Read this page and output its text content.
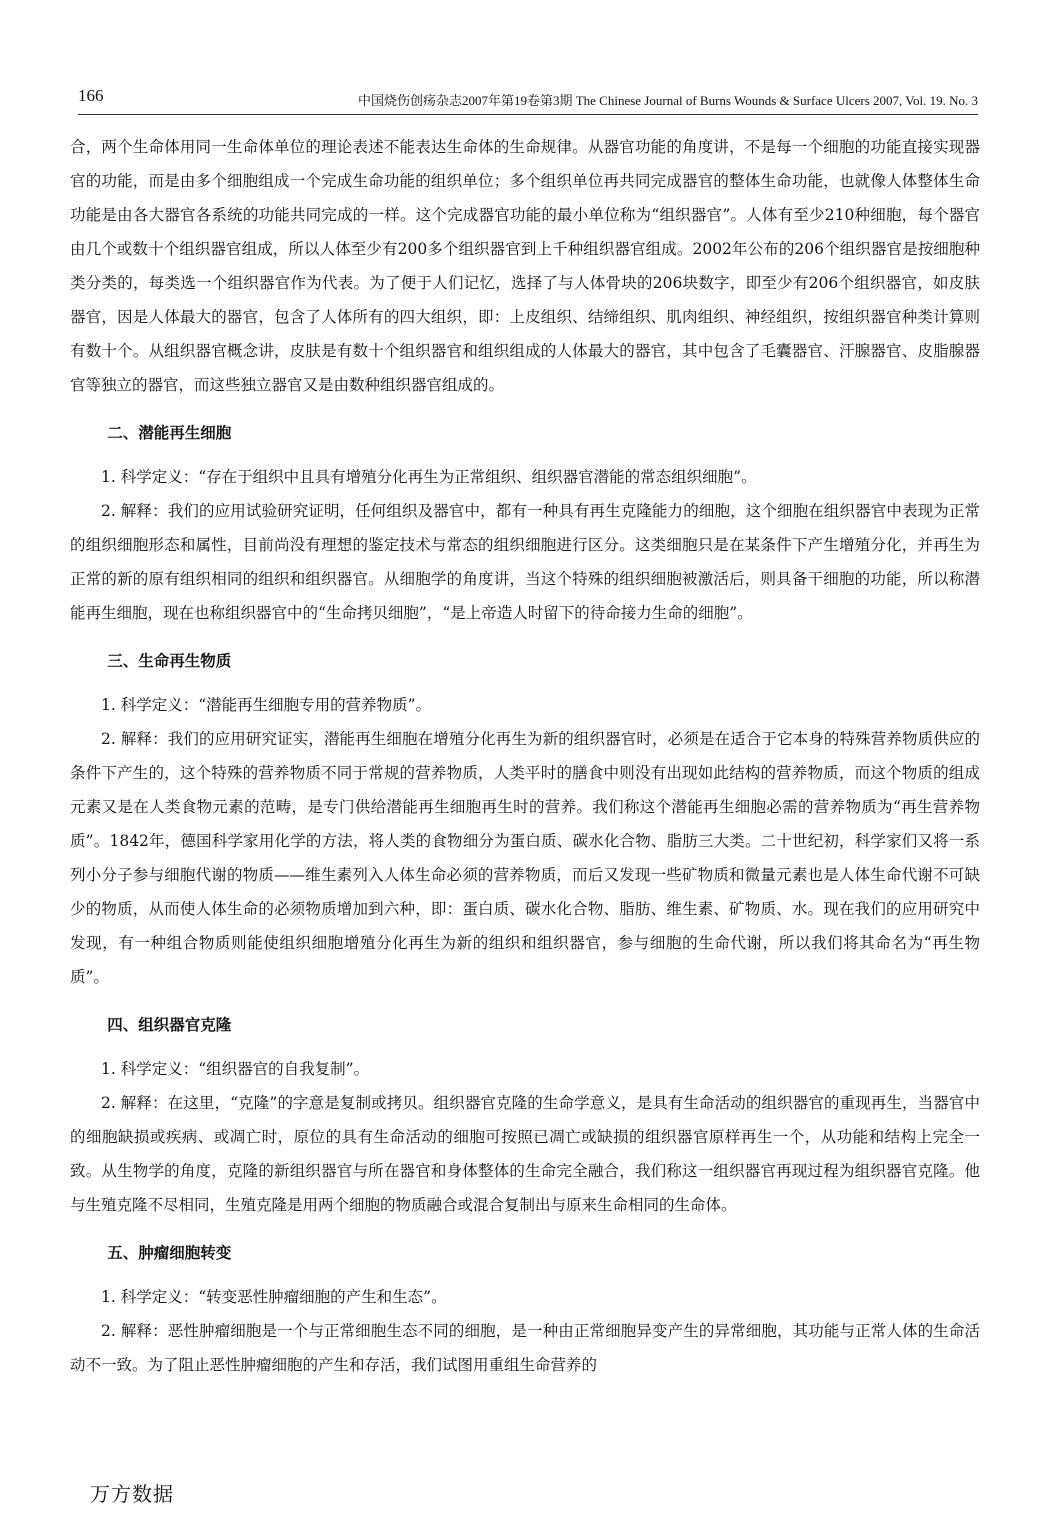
166	中国烧伤创疡杂志2007年第19卷第3期 The Chinese Journal of Burns Wounds & Surface Ulcers 2007, Vol. 19. No. 3

合，两个生命体用同一生命体单位的理论表述不能表达生命体的生命规律。从器官功能的角度讲，不是每一个细胞的功能直接实现器官的功能，而是由多个细胞组成一个完成生命功能的组织单位；多个组织单位再共同完成器官的整体生命功能，也就像人体整体生命功能是由各大器官各系统的功能共同完成的一样。这个完成器官功能的最小单位称为“组织器官”。人体有至少210种细胞，每个器官由几个或数十个组织器官组成，所以人体至少有200多个组织器官到上千种组织器官组成。2002年公布的206个组织器官是按细胞种类分类的，每类选一个组织器官作为代表。为了便于人们记忆，选择了与人体骨块的206块数字，即至少有206个组织器官，如皮肤器官，因是人体最大的器官，包含了人体所有的四大组织，即：上皮组织、结缔组织、肌肉组织、神经组织，按组织器官种类计算则有数十个。从组织器官概念讲，皮肤是有数十个组织器官和组织组成的人体最大的器官，其中包含了毛囊器官、汗腺器官、皮脂腺器官等独立的器官，而这些独立器官又是由数种组织器官组成的。

二、潜能再生细胞

1. 科学定义：“存在于组织中且具有增殖分化再生为正常组织、组织器官潜能的常态组织细胞”。

2. 解释：我们的应用试验研究证明，任何组织及器官中，都有一种具有再生克隆能力的细胞，这个细胞在组织器官中表现为正常的组织细胞形态和属性，目前尚没有理想的鉴定技术与常态的组织细胞进行区分。这类细胞只是在某条件下产生增殖分化，并再生为正常的新的原有组织相同的组织和组织器官。从细胞学的角度讲，当这个特殊的组织细胞被激活后，则具备干细胞的功能，所以称潜能再生细胞，现在也称组织器官中的“生命拷贝细胞”，“是上帝造人时留下的待命接力生命的细胞”。

三、生命再生物质

1. 科学定义：“潜能再生细胞专用的营养物质”。

2. 解释：我们的应用研究证实，潜能再生细胞在增殖分化再生为新的组织器官时，必须是在适合于它本身的特殊营养物质供应的条件下产生的，这个特殊的营养物质不同于常规的营养物质，人类平时的膳食中则没有出现如此结构的营养物质，而这个物质的组成元素又是在人类食物元素的范畴，是专门供给潜能再生细胞再生时的营养。我们称这个潜能再生细胞必需的营养物质为“再生营养物质”。1842年，德国科学家用化学的方法，将人类的食物细分为蛋白质、碳水化合物、脂肪三大类。二十世纪初，科学家们又将一系列小分子参与细胞代谢的物质——维生素列入人体生命必须的营养物质，而后又发现一些矿物质和微量元素也是人体生命代谢不可缺少的物质，从而使人体生命的必须物质增加到六种，即：蛋白质、碳水化合物、脂肪、维生素、矿物质、水。现在我们的应用研究中发现，有一种组合物质则能使组织细胞增殖分化再生为新的组织和组织器官，参与细胞的生命代谢，所以我们将其命名为“再生物质”。

四、组织器官克隆

1. 科学定义：“组织器官的自我复制”。

2. 解释：在这里，“克隆”的字意是复制或拷贝。组织器官克隆的生命学意义，是具有生命活动的组织器官的重现再生，当器官中的细胞缺损或疾病、或凋亡时，原位的具有生命活动的细胞可按照已凋亡或缺损的组织器官原样再生一个，从功能和结构上完全一致。从生物学的角度，克隆的新组织器官与所在器官和身体整体的生命完全融合，我们称这一组织器官再现过程为组织器官克隆。他与生殖克隆不尽相同，生殖克隆是用两个细胞的物质融合或混合复制出与原来生命相同的生命体。

五、肿瘤细胞转变

1. 科学定义：“转变恶性肿瘤细胞的产生和生态”。

2. 解释：恶性肿瘤细胞是一个与正常细胞生态不同的细胞，是一种由正常细胞异变产生的异常细胞，其功能与正常人体的生命活动不一致。为了阻止恶性肿瘤细胞的产生和存活，我们试图用重组生命营养的

万方数据
